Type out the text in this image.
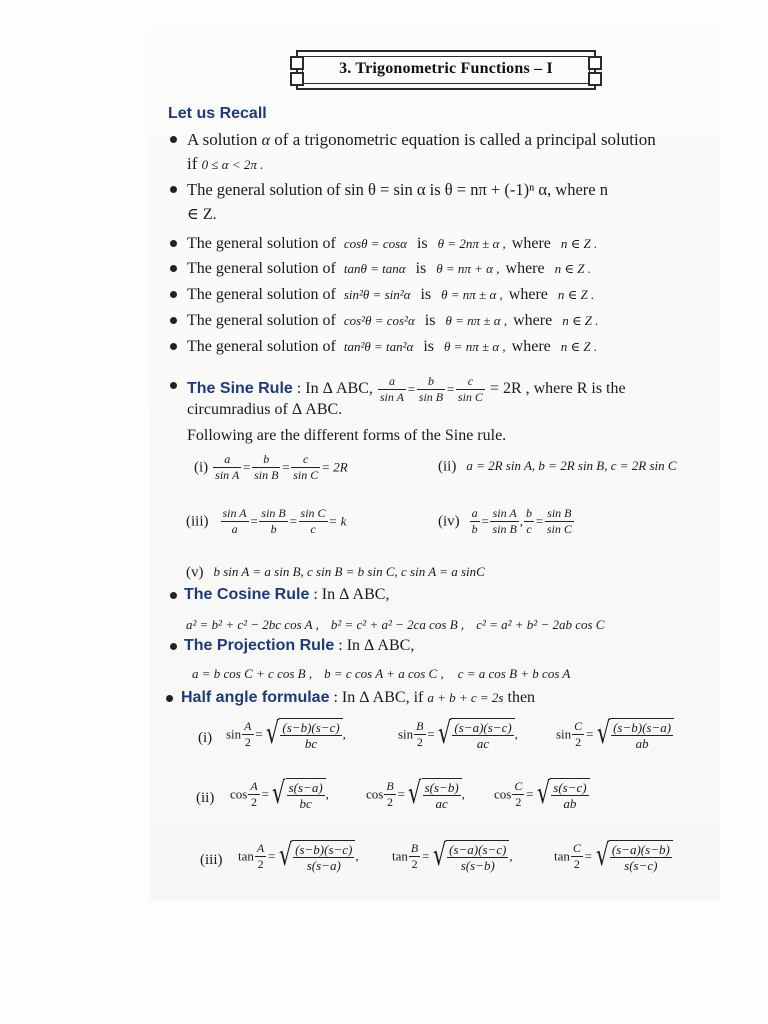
3. Trigonometric Functions – I
Let us Recall
A solution α of a trigonometric equation is called a principal solution
if 0 ≤ α < 2π .
The general solution of sin θ = sin α is θ = nπ + (-1)ⁿ α, where n
∈ Z.
The general solution of cosθ = cosα is θ = 2nπ ± α , where n ∈ Z .
The general solution of tanθ = tanα is θ = nπ + α , where n ∈ Z .
The general solution of sin²θ = sin²α is θ = nπ ± α , where n ∈ Z .
The general solution of cos²θ = cos²α is θ = nπ ± α , where n ∈ Z .
The general solution of tan²θ = tan²α is θ = nπ ± α , where n ∈ Z .
The Sine Rule : In Δ ABC, $\frac{a}{\text{sin A}} = \frac{b}{\text{sin B}} = \frac{c}{\text{sin C}} = 2R$ , where R is the
circumradius of Δ ABC.
Following are the different forms of the Sine rule.
$(i) \frac{a}{\text{sin A}} = \frac{b}{\text{sin B}} = \frac{c}{\text{sin C}} = 2R$	(ii) a = 2R sin A, b = 2R sin B, c = 2R sin C
$(iii) \frac{\text{sin A}}{a} = \frac{\text{sin B}}{b} = \frac{\text{sin C}}{c} = k$	$(iv) \frac{a}{b} = \frac{\text{sin A}}{\text{sin B}}$ , $\frac{b}{c} = \frac{\text{sin B}}{\text{sin C}}$
(v) b sin A = a sin B, c sin B = b sin C, c sin A = a sinC
The Cosine Rule : In Δ ABC,
a² = b² + c² − 2bc cos A , b² = c² + a² − 2ca cos B , c² = a² + b² − 2ab cos C
The Projection Rule : In Δ ABC,
a = b cos C + c cos B , b = c cos A + a cos C , c = a cos B + b cos A
Half angle formulae : In Δ ABC, if a + b + c = 2s then
(i) $\sin \frac{A}{2}$ = √ $\frac{(s-b)(s-c)}{bc}$ ,	$\sin \frac{B}{2}$ = √ $\frac{(s-a)(s-c)}{ac}$ ,	$\sin \frac{C}{2}$ = √ $\frac{(s-b)(s-a)}{ab}$
(ii) $\cos \frac{A}{2}$ = √ $\frac{s(s-a)}{bc}$ ,	$\cos \frac{B}{2}$ = √ $\frac{s(s-b)}{ac}$ , $\cos \frac{C}{2}$ = √ $\frac{s(s-c)}{ab}$
(iii) $\tan \frac{A}{2}$ = √ $\frac{(s-b)(s-c)}{s(s-a)}$ ,	$\tan \frac{B}{2}$ = √ $\frac{(s-a)(s-c)}{s(s-b)}$ ,	$\tan \frac{C}{2}$ = √ $\frac{(s-a)(s-b)}{s(s-c)}$
